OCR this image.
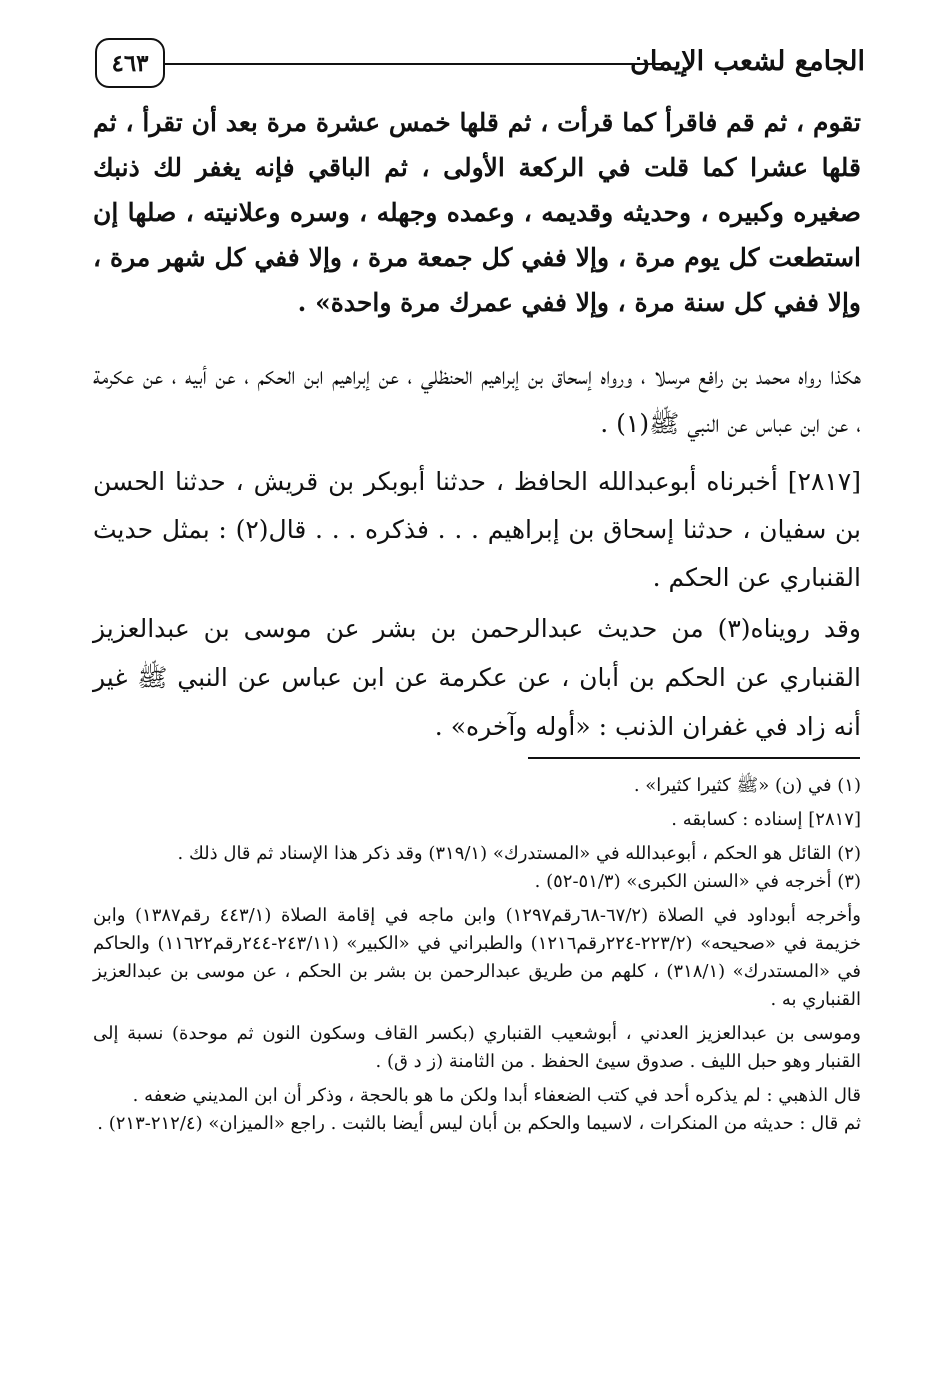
الجامع لشعب الإيمان
٤٦٣

تقوم ، ثم قم فاقرأ كما قرأت ، ثم قلها خمس عشرة مرة بعد أن تقرأ ، ثم قلها عشرا كما قلت في الركعة الأولى ، ثم الباقي فإنه يغفر لك ذنبك صغيره وكبيره ، وحديثه وقديمه ، وعمده وجهله ، وسره وعلانيته ، صلها إن استطعت كل يوم مرة ، وإلا ففي كل جمعة مرة ، وإلا ففي كل شهر مرة ، وإلا ففي كل سنة مرة ، وإلا ففي عمرك مرة واحدة» .

هكذا رواه محمد بن رافع مرسلا ، ورواه إسحاق بن إبراهيم الحنظلي ، عن إبراهيم ابن الحكم ، عن أبيه ، عن عكرمة ، عن ابن عباس عن النبي ﷺ(١) .

[٢٨١٧] أخبرناه أبوعبدالله الحافظ ، حدثنا أبوبكر بن قريش ، حدثنا الحسن بن سفيان ، حدثنا إسحاق بن إبراهيم . . . فذكره . . . قال(٢) : بمثل حديث القنباري عن الحكم .

وقد رويناه(٣) من حديث عبدالرحمن بن بشر عن موسى بن عبدالعزيز القنباري عن الحكم بن أبان ، عن عكرمة عن ابن عباس عن النبي ﷺ غير أنه زاد في غفران الذنب : «أوله وآخره» .

(١) في (ن) «ﷺ كثيرا كثيرا» .

[٢٨١٧] إسناده : كسابقه .

(٢) القائل هو الحكم ، أبوعبدالله في «المستدرك» (٣١٩/١) وقد ذكر هذا الإسناد ثم قال ذلك .

(٣) أخرجه في «السنن الكبرى» (٥١/٣-٥٢) .

وأخرجه أبوداود في الصلاة (٦٧/٢-٦٨رقم١٢٩٧) وابن ماجه في إقامة الصلاة (٤٤٣/١ رقم١٣٨٧) وابن خزيمة في «صحيحه» (٢٢٣/٢-٢٢٤رقم١٢١٦) والطبراني في «الكبير» (٢٤٣/١١-٢٤٤رقم١١٦٢٢) والحاكم في «المستدرك» (٣١٨/١) ، كلهم من طريق عبدالرحمن بن بشر بن الحكم ، عن موسى بن عبدالعزيز القنباري به .

وموسى بن عبدالعزيز العدني ، أبوشعيب القنباري (بكسر القاف وسكون النون ثم موحدة) نسبة إلى القنبار وهو حبل الليف . صدوق سيئ الحفظ . من الثامنة (ز د ق) .

قال الذهبي : لم يذكره أحد في كتب الضعفاء أبدا ولكن ما هو بالحجة ، وذكر أن ابن المديني ضعفه .

ثم قال : حديثه من المنكرات ، لاسيما والحكم بن أبان ليس أيضا بالثبت . راجع «الميزان» (٢١٢/٤-٢١٣) .
